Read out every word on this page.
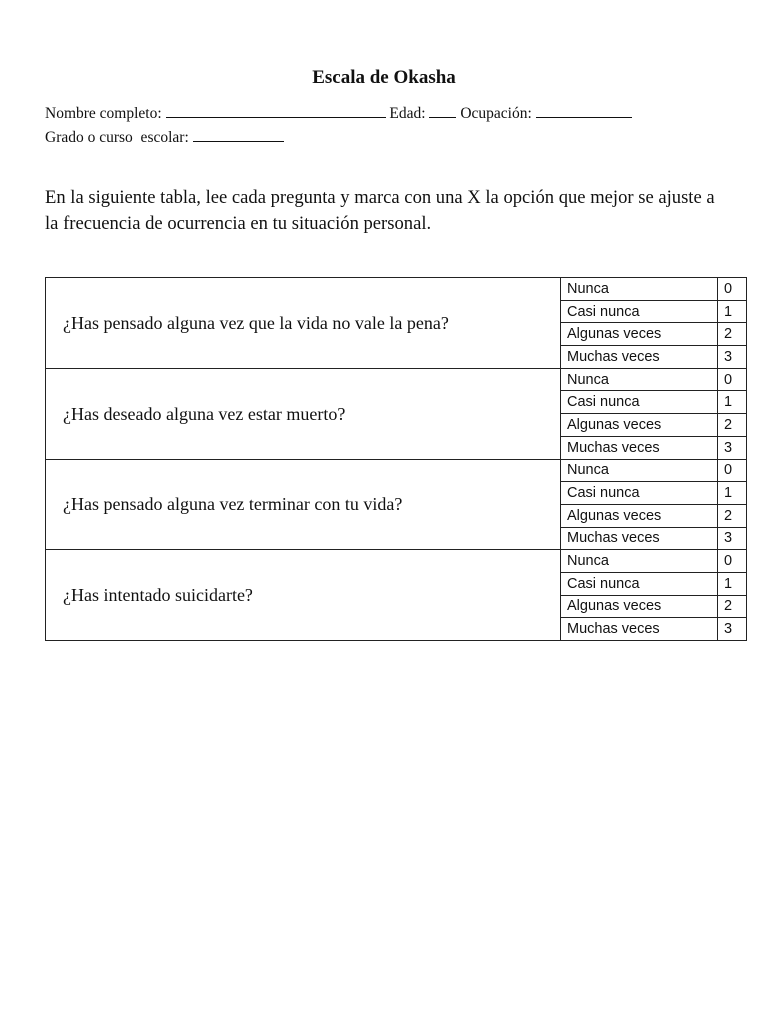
Escala de Okasha
Nombre completo:	Edad: Ocupación:
Grado o curso  escolar:
En la siguiente tabla, lee cada pregunta y marca con una X la opción que mejor se ajuste a la frecuencia de ocurrencia en tu situación personal.
¿Has pensado alguna vez que la vida no vale la pena?	Nunca	0
	Casi nunca	1
	Algunas veces	2
	Muchas veces	3
¿Has deseado alguna vez estar muerto?	Nunca	0
	Casi nunca	1
	Algunas veces	2
	Muchas veces	3
¿Has pensado alguna vez terminar con tu vida?	Nunca	0
	Casi nunca	1
	Algunas veces	2
	Muchas veces	3
¿Has intentado suicidarte?	Nunca	0
	Casi nunca	1
	Algunas veces	2
	Muchas veces	3
